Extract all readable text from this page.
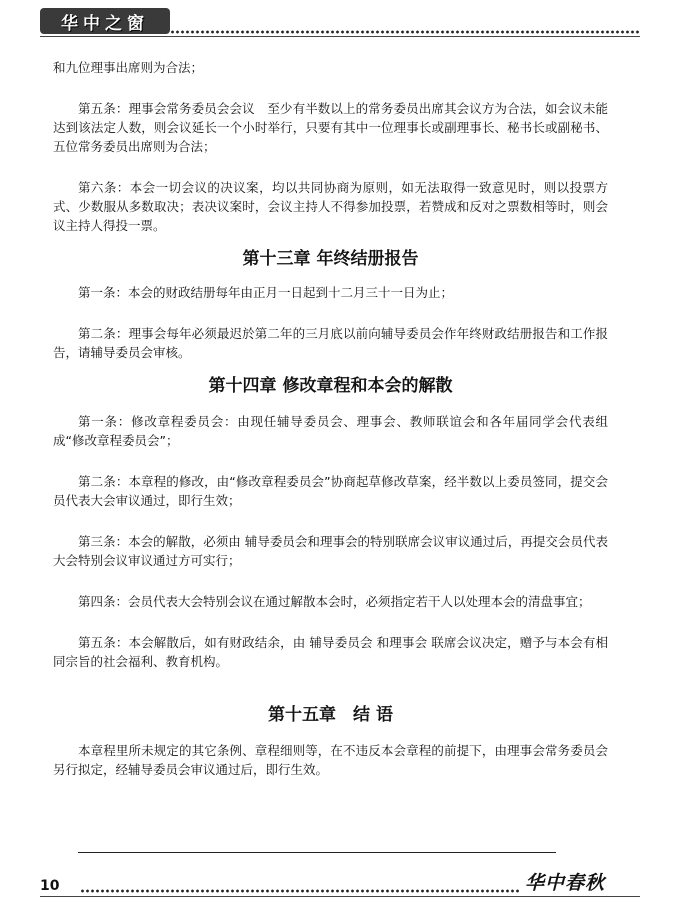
华中之窗

和九位理事出席则为合法；

第五条：理事会常务委员会会议　至少有半数以上的常务委员出席其会议方为合法，如会议未能达到该法定人数，则会议延长一个小时举行，只要有其中一位理事长或副理事长、秘书长或副秘书、五位常务委员出席则为合法；

第六条：本会一切会议的决议案，均以共同协商为原则，如无法取得一致意见时，则以投票方式、少数服从多数取决；表决议案时，会议主持人不得参加投票，若赞成和反对之票数相等时，则会议主持人得投一票。

第十三章 年终结册报告

第一条：本会的财政结册每年由正月一日起到十二月三十一日为止；

第二条：理事会每年必须最迟於第二年的三月底以前向辅导委员会作年终财政结册报告和工作报告，请辅导委员会审核。

第十四章 修改章程和本会的解散

第一条：修改章程委员会：由现任辅导委员会、理事会、教师联谊会和各年届同学会代表组成“修改章程委员会”；

第二条：本章程的修改，由“修改章程委员会”协商起草修改草案，经半数以上委员签同，提交会员代表大会审议通过，即行生效；

第三条：本会的解散，必须由 辅导委员会和理事会的特别联席会议审议通过后，再提交会员代表大会特别会议审议通过方可实行；

第四条：会员代表大会特别会议在通过解散本会时，必须指定若干人以处理本会的清盘事宜；

第五条：本会解散后，如有财政结余，由 辅导委员会 和理事会 联席会议决定，赠予与本会有相同宗旨的社会福利、教育机构。

第十五章　结 语

本章程里所未规定的其它条例、章程细则等，在不违反本会章程的前提下，由理事会常务委员会另行拟定，经辅导委员会审议通过后，即行生效。

10	华中春秋
